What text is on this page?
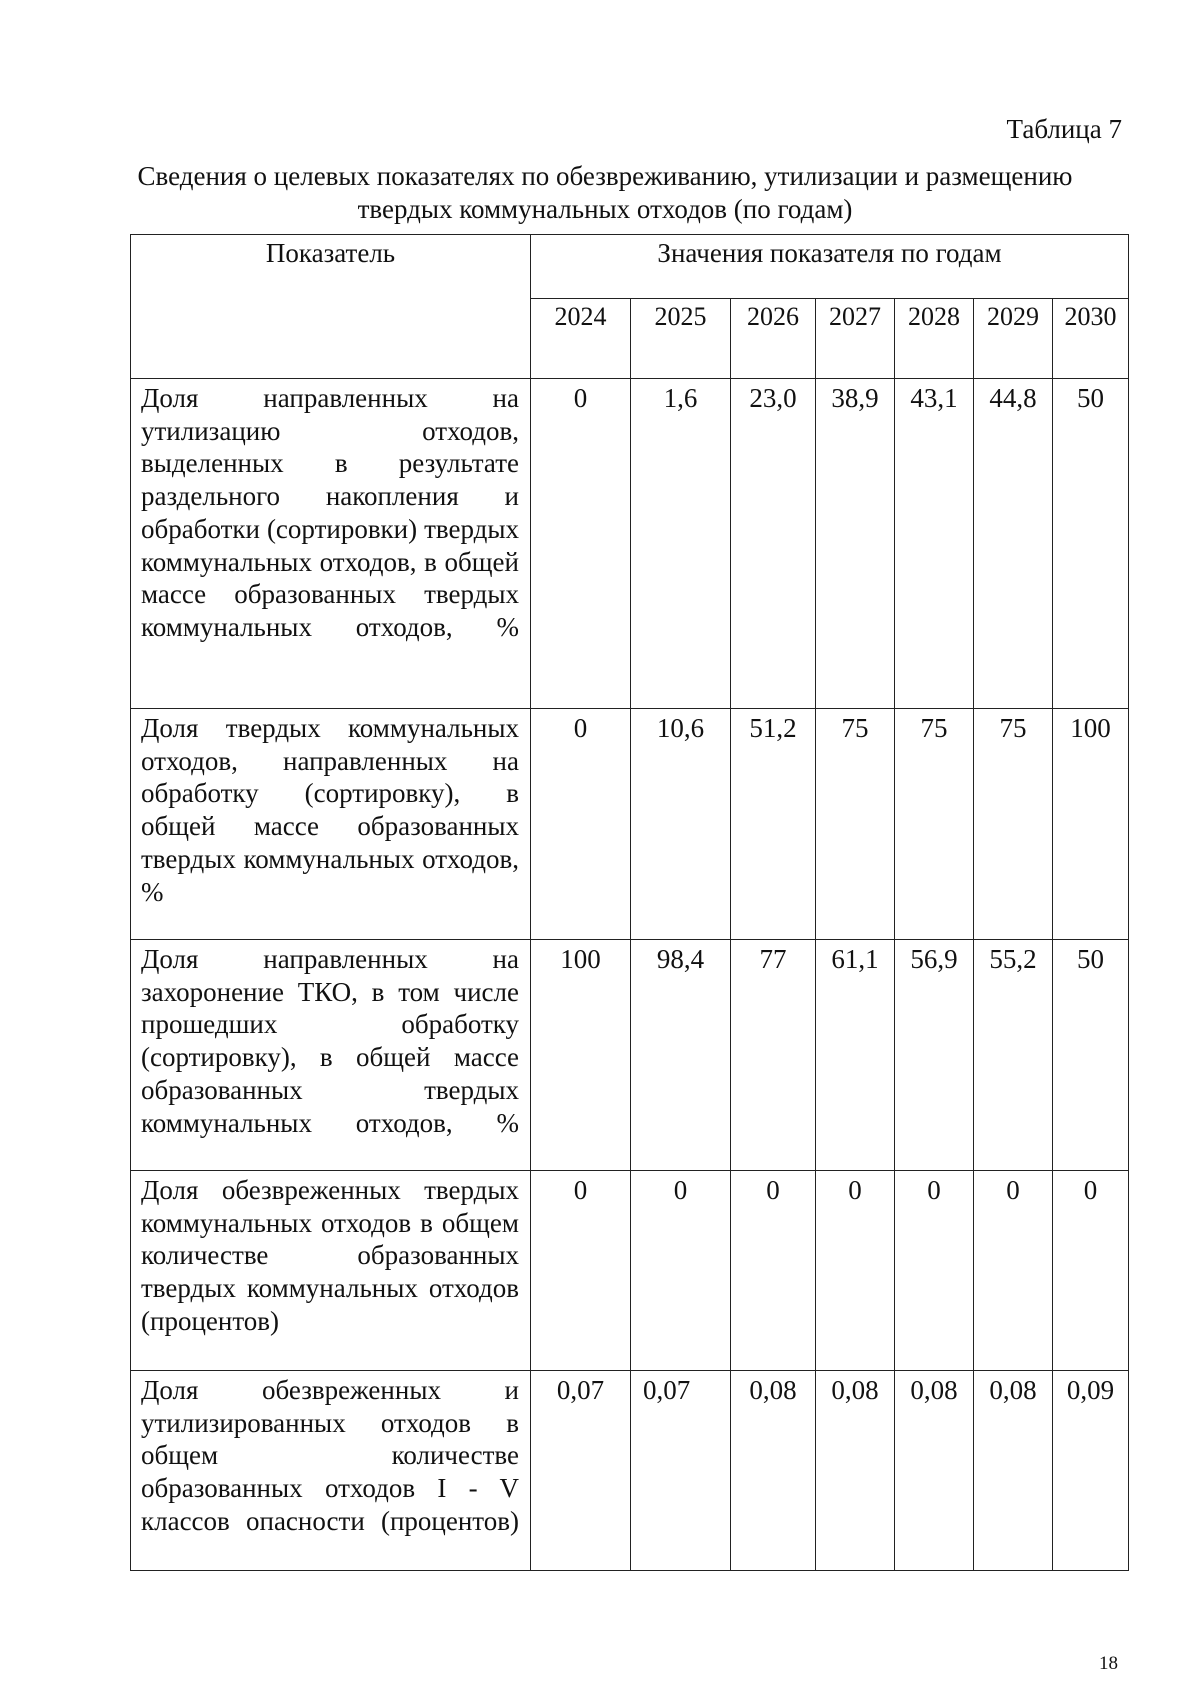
Таблица 7
Сведения о целевых показателях по обезвреживанию, утилизации и размещению твердых коммунальных отходов (по годам)
Показатель	Значения показателя по годам						
	2024	2025	2026	2027	2028	2029	2030
Доля направленных на утилизацию отходов, выделенных в результате раздельного накопления и обработки (сортировки) твердых коммунальных отходов, в общей массе образованных твердых коммунальных отходов, %	0	1,6	23,0	38,9	43,1	44,8	50
Доля твердых коммунальных отходов, направленных на обработку (сортировку), в общей массе образованных твердых коммунальных отходов, %	0	10,6	51,2	75	75	75	100
Доля направленных на захоронение ТКО, в том числе прошедших обработку (сортировку), в общей массе образованных твердых коммунальных отходов, %	100	98,4	77	61,1	56,9	55,2	50
Доля обезвреженных твердых коммунальных отходов в общем количестве образованных твердых коммунальных отходов (процентов)	0	0	0	0	0	0	0
Доля обезвреженных и утилизированных отходов в общем количестве образованных отходов I - V классов опасности (процентов)	0,07	0,07	0,08	0,08	0,08	0,08	0,09
18
